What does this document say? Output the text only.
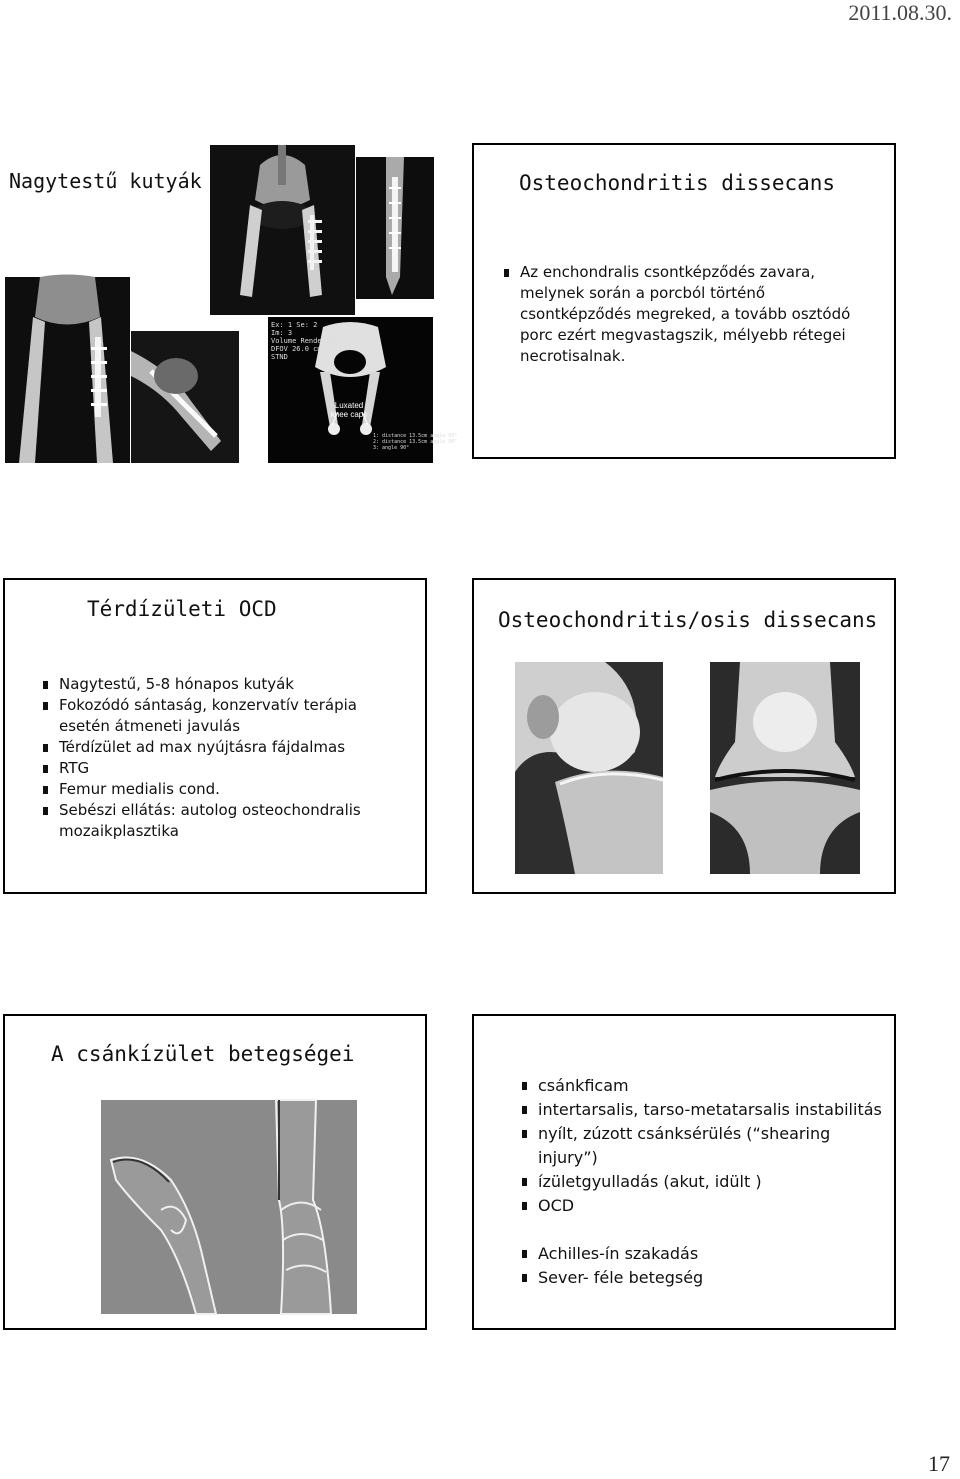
2011.08.30.
Nagytestű kutyák
Ex: 1 Se: 2
Im: 3
Volume Rendering
DFOV 26.0 cm
STND

Luxated knee caps
1: distance 13.5cm angle 90°
2: distance 13.5cm angle 90°
3: angle 90°
Osteochondritis dissecans
Az enchondralis csontképződés zavara, melynek során a porcból történő csontképződés megreked, a tovább osztódó porc ezért megvastagszik, mélyebb rétegei necrotisalnak.
Térdízületi OCD
Nagytestű, 5-8 hónapos kutyák
Fokozódó sántaság, konzervatív terápia esetén átmeneti javulás
Térdízület ad max nyújtásra fájdalmas
RTG
Femur medialis cond.
Sebészi ellátás: autolog osteochondralis mozaikplasztika
Osteochondritis/osis dissecans
A csánkízület betegségei
csánkficam
intertarsalis, tarso-metatarsalis instabilitás
nyílt, zúzott csánksérülés (“shearing injury”)
ízületgyulladás (akut, idült )
OCD
Achilles-ín szakadás
Sever- féle betegség
17
